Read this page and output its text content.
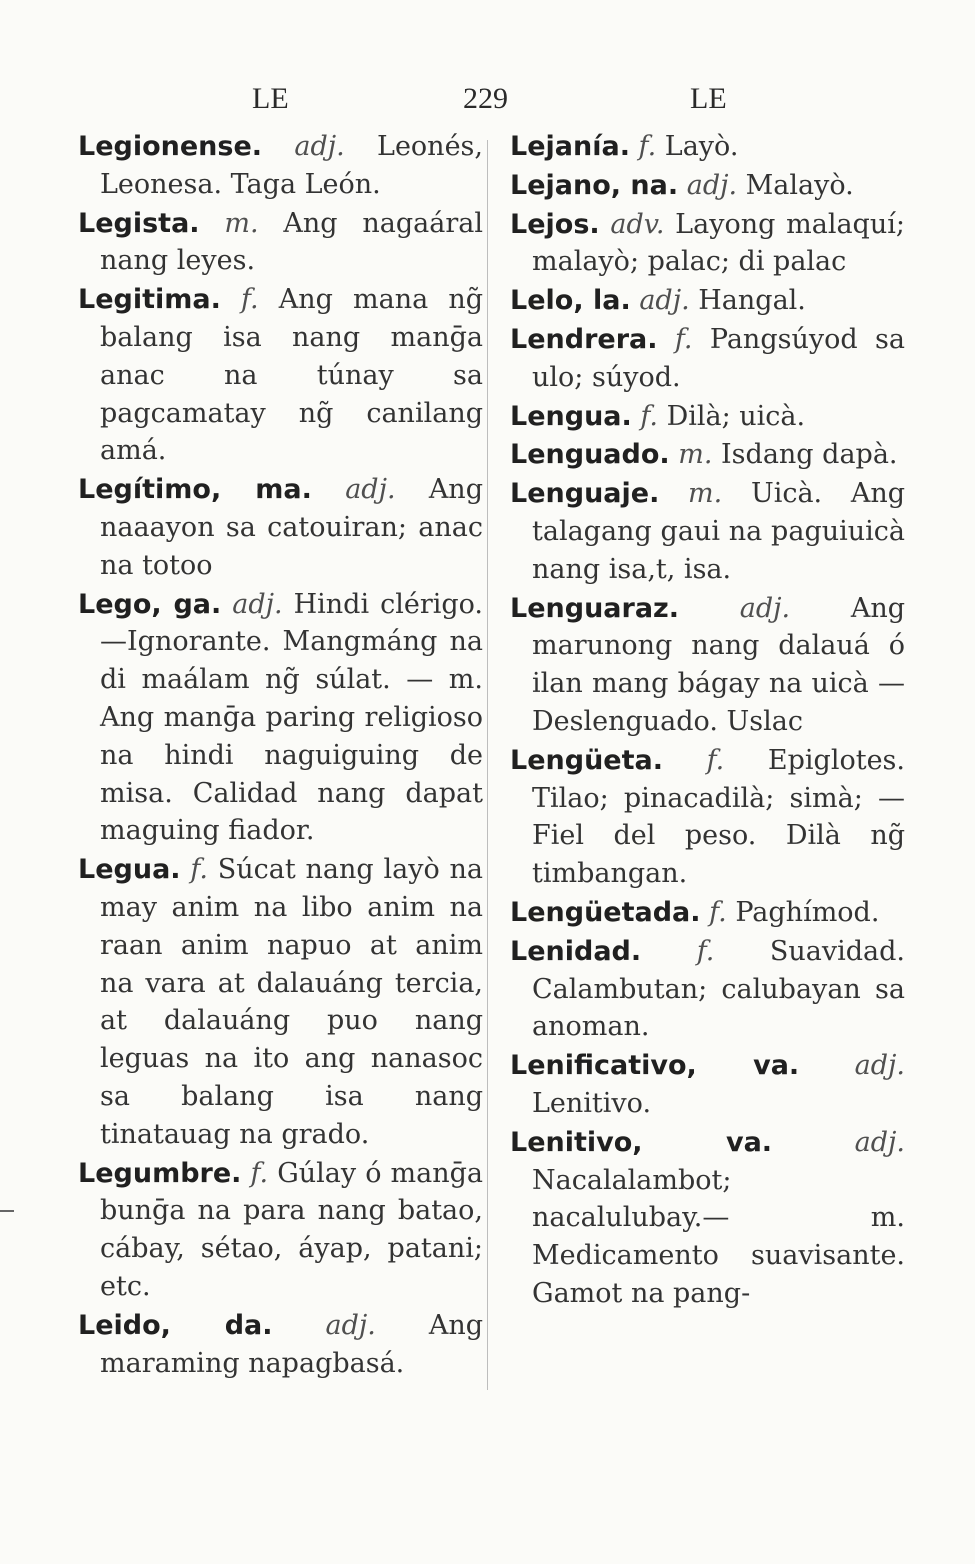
LE	229	LE

Legionense. adj. Leonés, Leonesa. Taga León.

Legista. m. Ang nagaáral nang leyes.

Legitima. f. Ang mana ng̃ balang isa nang manḡa anac na túnay sa pagcamatay ng̃ canilang amá.

Legítimo, ma. adj. Ang naaayon sa catouiran; anac na totoo

Lego, ga. adj. Hindi clérigo. —Ignorante. Mangmáng na di maálam ng̃ súlat. — m. Ang manḡa paring religioso na hindi naguiguing de misa. Calidad nang dapat maguing fiador.

Legua. f. Súcat nang layò na may anim na libo anim na raan anim napuo at anim na vara at dalauáng tercia, at dalauáng puo nang leguas na ito ang nanasoc sa balang isa nang tinatauag na grado.

Legumbre. f. Gúlay ó manḡa bunḡa na para nang batao, cábay, sétao, áyap, patani; etc.

Leido, da. adj. Ang maraming napagbasá.

Lejanía. f. Layò.

Lejano, na. adj. Malayò.

Lejos. adv. Layong malaquí; malayò; palac; di palac

Lelo, la. adj. Hangal.

Lendrera. f. Pangsúyod sa ulo; súyod.

Lengua. f. Dilà; uicà.

Lenguado. m. Isdang dapà.

Lenguaje. m. Uicà. Ang talagang gaui na paguiuicà nang isa,t, isa.

Lenguaraz. adj. Ang marunong nang dalauá ó ilan mang bágay na uicà —Deslenguado. Uslac

Lengüeta. f. Epiglotes. Tilao; pinacadilà; simà; — Fiel del peso. Dilà ng̃ timbangan.

Lengüetada. f. Paghímod.

Lenidad. f. Suavidad. Calambutan; calubayan sa anoman.

Lenificativo, va. adj. Lenitivo.

Lenitivo, va.	adj. Nacalalambot; nacalulubay.— m. Medicamento suavisante. Gamot na pang-
